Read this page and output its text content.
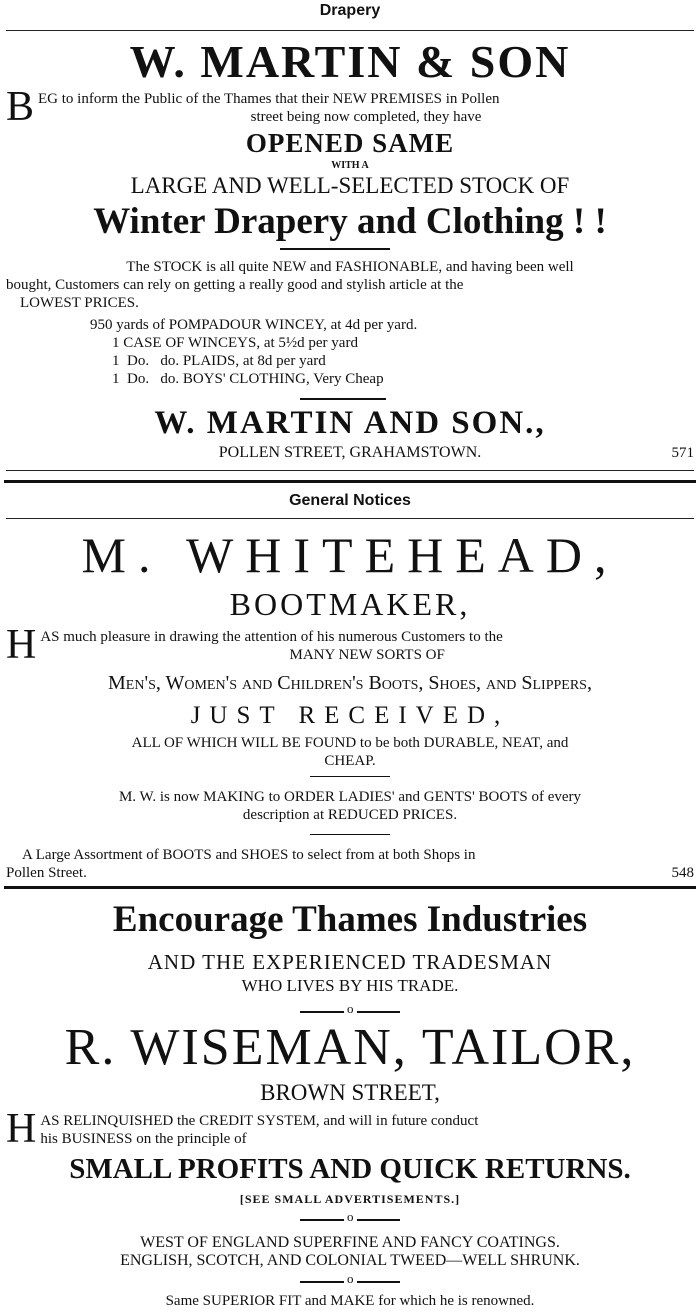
Drapery
W. MARTIN & SON
B EG to inform the Public of the Thames that their NEW PREMISES in Pollen
street being now completed, they have
OPENED SAME
WITH A
LARGE AND WELL-SELECTED STOCK OF
Winter Drapery and Clothing ! !
The STOCK is all quite NEW and FASHIONABLE, and having been well
bought, Customers can rely on getting a really good and stylish article at the
LOWEST PRICES.
950 yards of POMPADOUR WINCEY, at 4d per yard.
1 CASE OF WINCEYS, at 5½d per yard
1  Do.   do. PLAIDS, at 8d per yard
1  Do.   do. BOYS' CLOTHING, Very Cheap
W. MARTIN AND SON.,
POLLEN STREET, GRAHAMSTOWN.	571
General Notices
M. WHITEHEAD,
BOOTMAKER,
H AS much pleasure in drawing the attention of his numerous Customers to the
MANY NEW SORTS OF
Men's, Women's and Children's Boots, Shoes, and Slippers,
JUST RECEIVED,
ALL OF WHICH WILL BE FOUND to be both DURABLE, NEAT, and
CHEAP.
M. W. is now MAKING to ORDER LADIES' and GENTS' BOOTS of every
description at REDUCED PRICES.
A Large Assortment of BOOTS and SHOES to select from at both Shops in
Pollen Street.	548
Encourage Thames Industries
AND THE EXPERIENCED TRADESMAN
WHO LIVES BY HIS TRADE.
o
R. WISEMAN, TAILOR,
BROWN STREET,
H AS RELINQUISHED the CREDIT SYSTEM, and will in future conduct
his BUSINESS on the principle of
SMALL PROFITS AND QUICK RETURNS.
[SEE SMALL ADVERTISEMENTS.]
o
WEST OF ENGLAND SUPERFINE AND FANCY COATINGS.
ENGLISH, SCOTCH, AND COLONIAL TWEED—WELL SHRUNK.
o
Same SUPERIOR FIT and MAKE for which he is renowned.
